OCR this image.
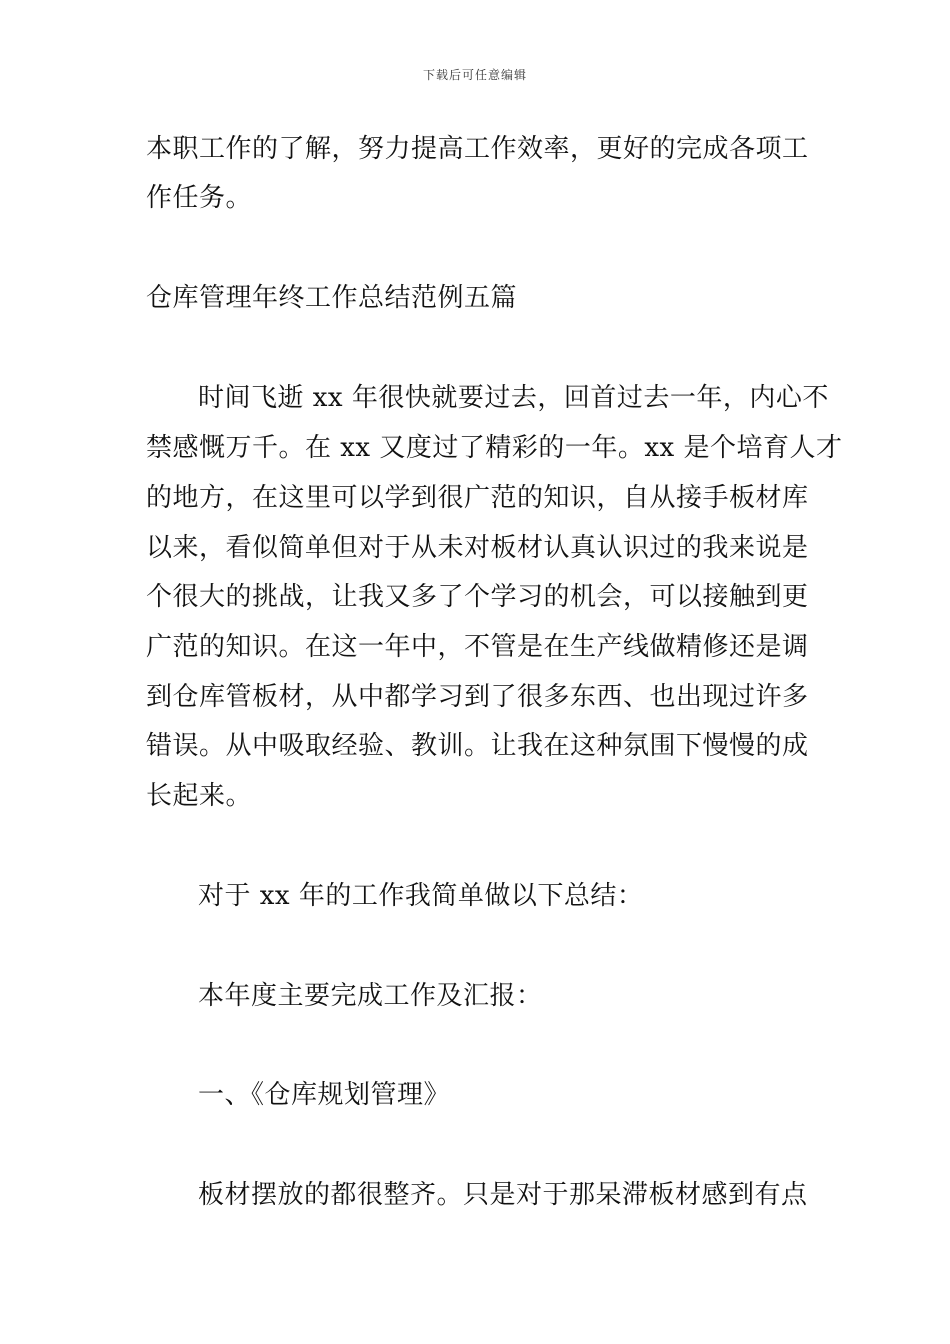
下载后可任意编辑
本职工作的了解，努力提高工作效率，更好的完成各项工
作任务。
仓库管理年终工作总结范例五篇
时间飞逝 xx 年很快就要过去，回首过去一年，内心不
禁感慨万千。在 xx 又度过了精彩的一年。xx 是个培育人才
的地方，在这里可以学到很广范的知识，自从接手板材库
以来，看似简单但对于从未对板材认真认识过的我来说是
个很大的挑战，让我又多了个学习的机会，可以接触到更
广范的知识。在这一年中，不管是在生产线做精修还是调
到仓库管板材，从中都学习到了很多东西、也出现过许多
错误。从中吸取经验、教训。让我在这种氛围下慢慢的成
长起来。
对于 xx 年的工作我简单做以下总结：
本年度主要完成工作及汇报：
一、《仓库规划管理》
板材摆放的都很整齐。只是对于那呆滞板材感到有点
